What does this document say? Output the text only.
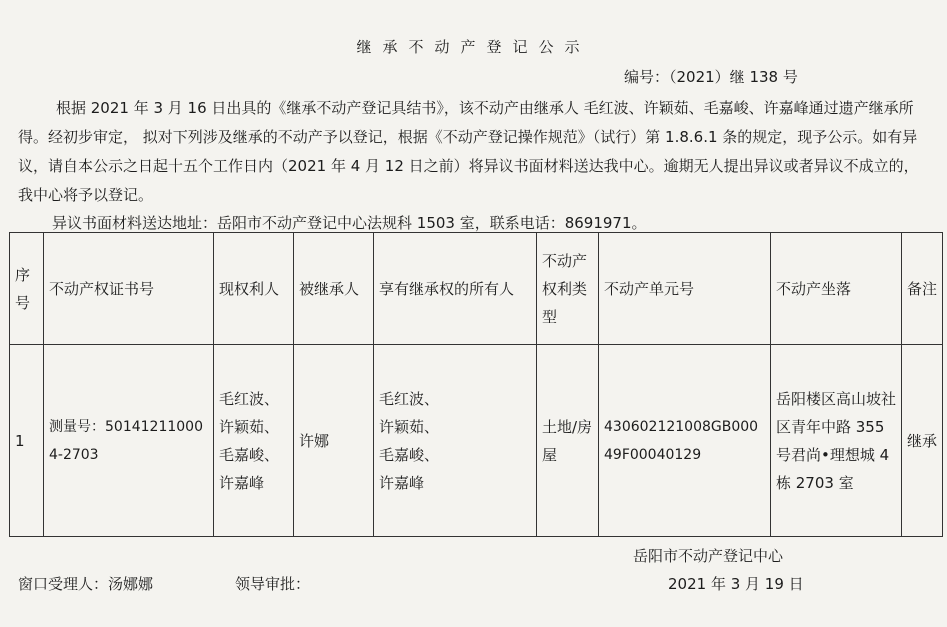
继承不动产登记公示
编号：（2021）继 138 号
根据 2021 年 3 月 16 日出具的《继承不动产登记具结书》，该不动产由继承人 毛红波、许颖茹、毛嘉峻、许嘉峰通过遗产继承所得。经初步审定， 拟对下列涉及继承的不动产予以登记，根据《不动产登记操作规范》（试行）第 1.8.6.1 条的规定，现予公示。如有异议，请自本公示之日起十五个工作日内（2021 年 4 月 12 日之前）将异议书面材料送达我中心。逾期无人提出异议或者异议不成立的，我中心将予以登记。
异议书面材料送达地址：岳阳市不动产登记中心法规科 1503 室，联系电话：8691971。
序号	不动产权证书号	现权利人	被继承人	享有继承权的所有人	不动产权利类型	不动产单元号	不动产坐落	备注
1	测量号：501412110004-2703	毛红波、
许颖茹、
毛嘉峻、
许嘉峰	许娜	毛红波、
许颖茹、
毛嘉峻、
许嘉峰	土地/房屋	430602121008GB00049F00040129	岳阳楼区高山坡社区青年中路 355 号君尚•理想城 4 栋 2703 室	继承
岳阳市不动产登记中心
窗口受理人：汤娜娜	领导审批：	2021 年 3 月 19 日
